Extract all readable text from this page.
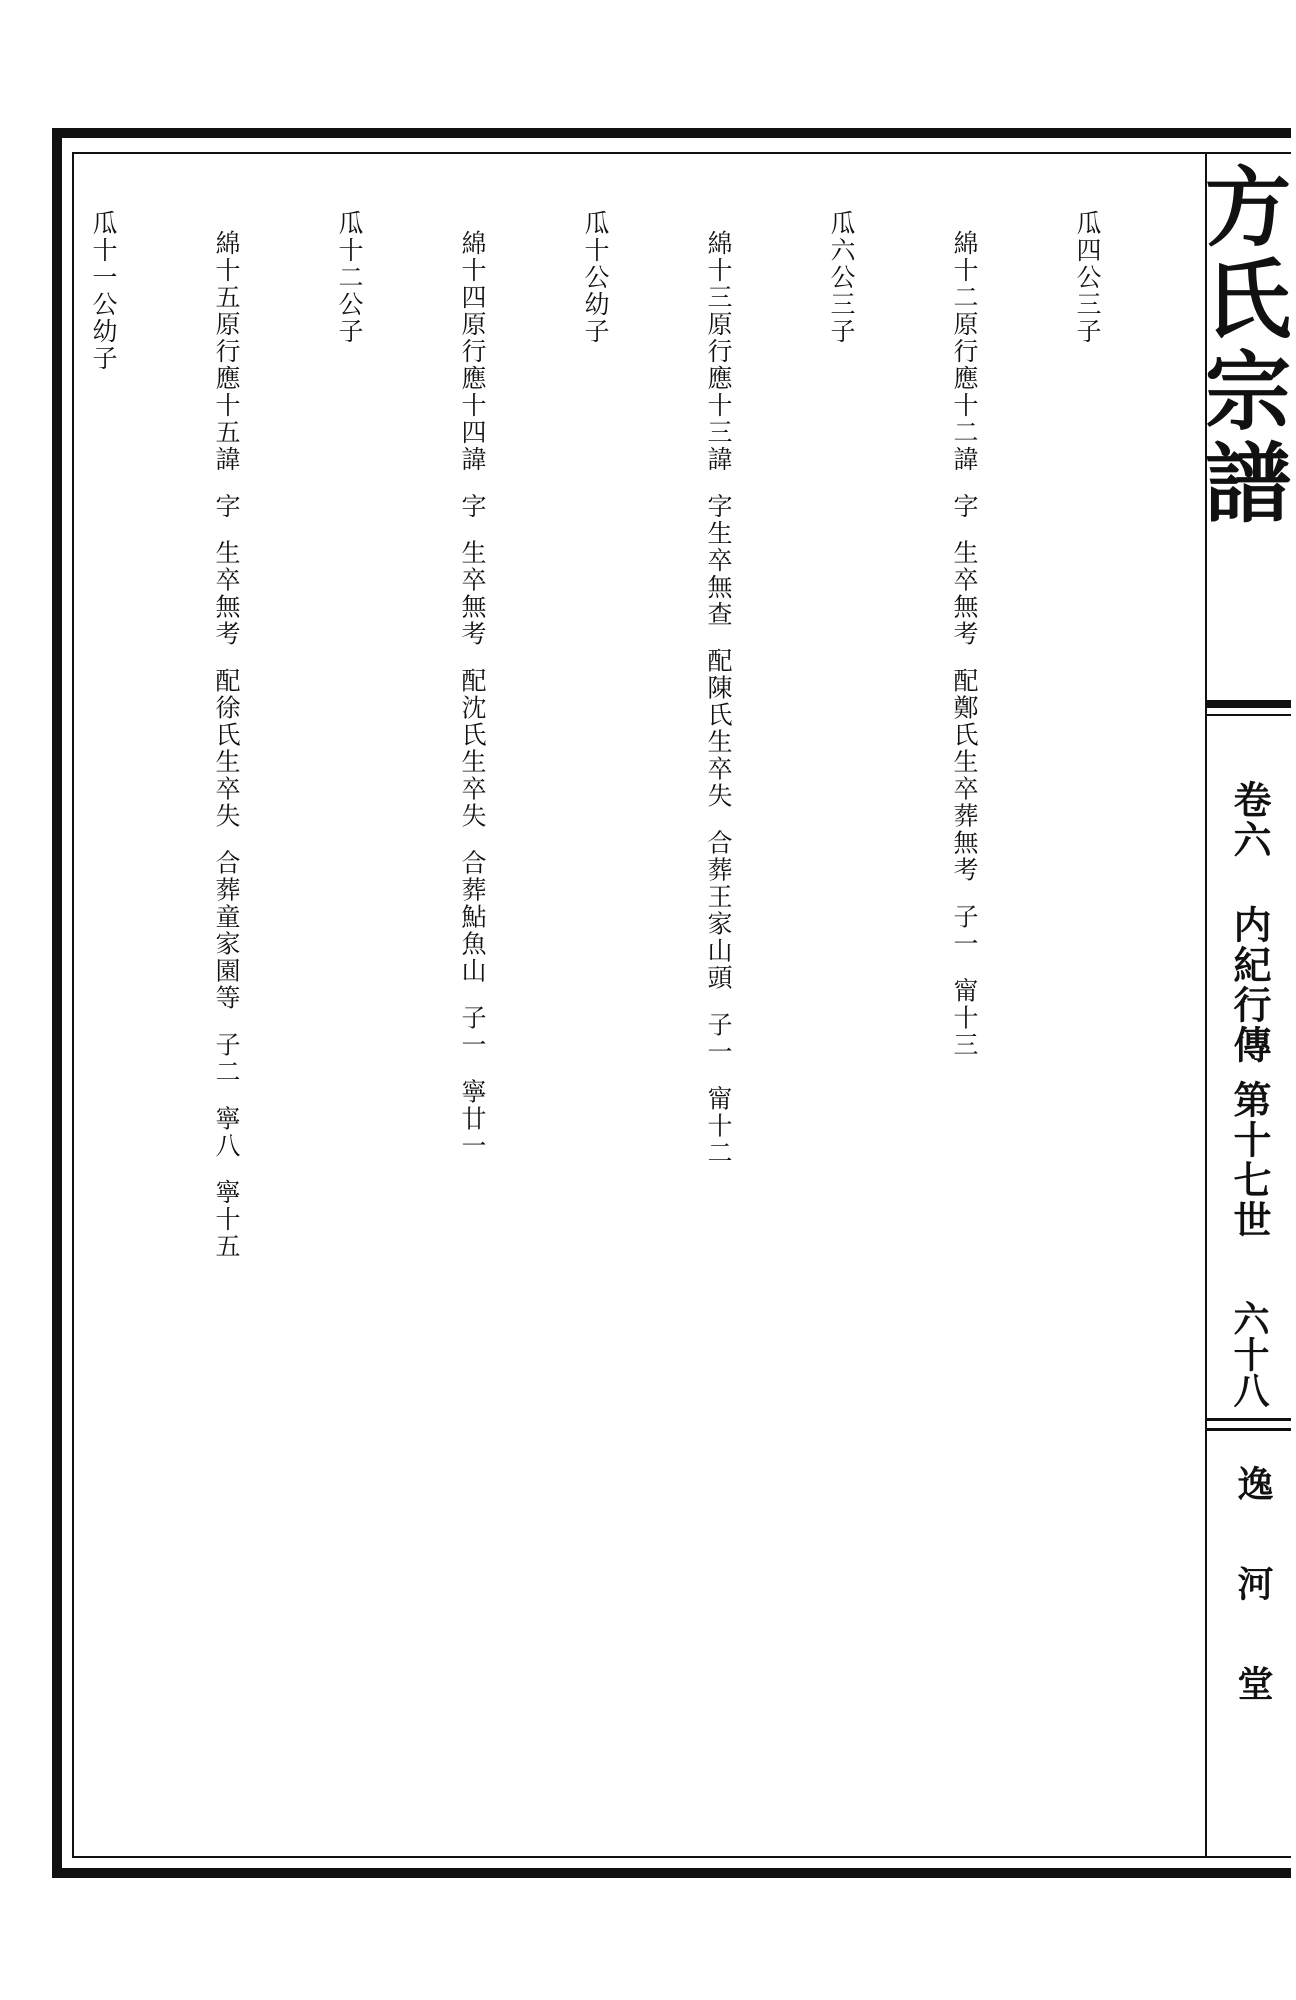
方氏宗譜
卷六
内紀行傳 第十七世
六十八
逸河堂

瓜四公三子

綿十二原行應十二諱  字  生卒無考  配鄭氏生卒葬無考  子一  甯十三

瓜六公三子

綿十三原行應十三諱  字生卒無查  配陳氏生卒失  合葬王家山頭  子一  甯十二

瓜十公幼子

綿十四原行應十四諱  字  生卒無考  配沈氏生卒失  合葬鮎魚山  子一  寧廿一

瓜十二公子

綿十五原行應十五諱  字  生卒無考  配徐氏生卒失  合葬童家園等  子二  寧八  寧十五

瓜十一公幼子
